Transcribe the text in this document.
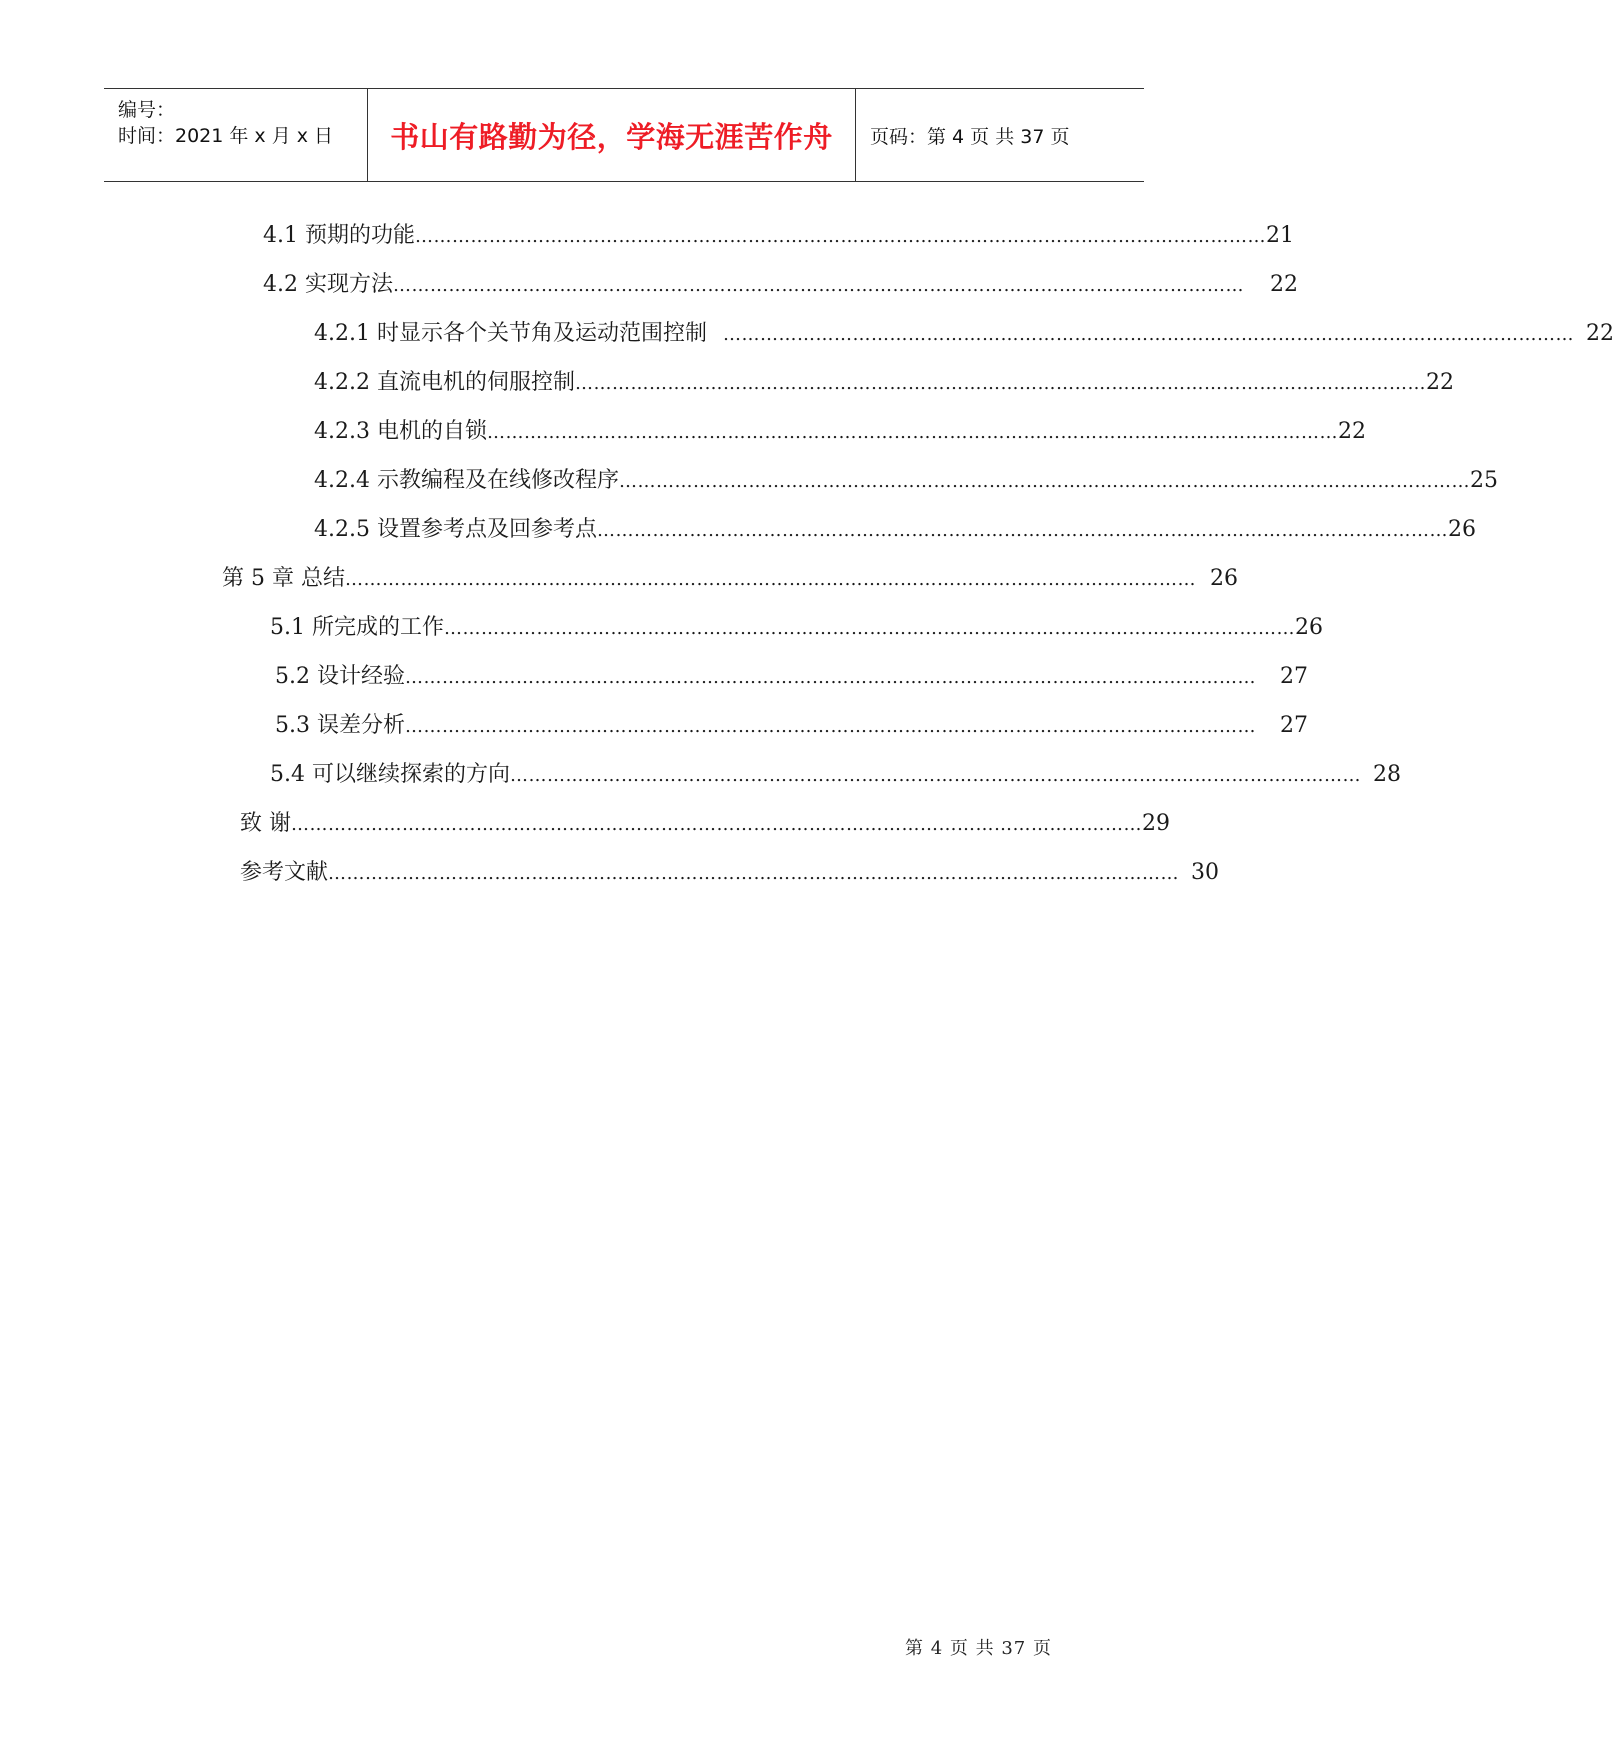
编号：
时间：2021 年 x 月 x 日 书山有路勤为径，学海无涯苦作舟 页码：第 4 页 共 37 页
4.1 预期的功能 ………………………………………………………………………………………………………………………… 21
4.2 实现方法 ………………………………………………………………………………………………………………………… 22
4.2.1 时显示各个关节角及运动范围控制 ………………………………………………………………………………………………………………………… 22
4.2.2 直流电机的伺服控制 ………………………………………………………………………………………………………………………… 22
4.2.3 电机的自锁 ………………………………………………………………………………………………………………………… 22
4.2.4 示教编程及在线修改程序 ………………………………………………………………………………………………………………………… 25
4.2.5 设置参考点及回参考点 ………………………………………………………………………………………………………………………… 26
第 5 章 总结 ………………………………………………………………………………………………………………………… 26
5.1 所完成的工作 ………………………………………………………………………………………………………………………… 26
5.2 设计经验 ………………………………………………………………………………………………………………………… 27
5.3 误差分析 ………………………………………………………………………………………………………………………… 27
5.4 可以继续探索的方向 ………………………………………………………………………………………………………………………… 28
致 谢 ………………………………………………………………………………………………………………………… 29
参考文献 ………………………………………………………………………………………………………………………… 30
第 4 页 共 37 页
